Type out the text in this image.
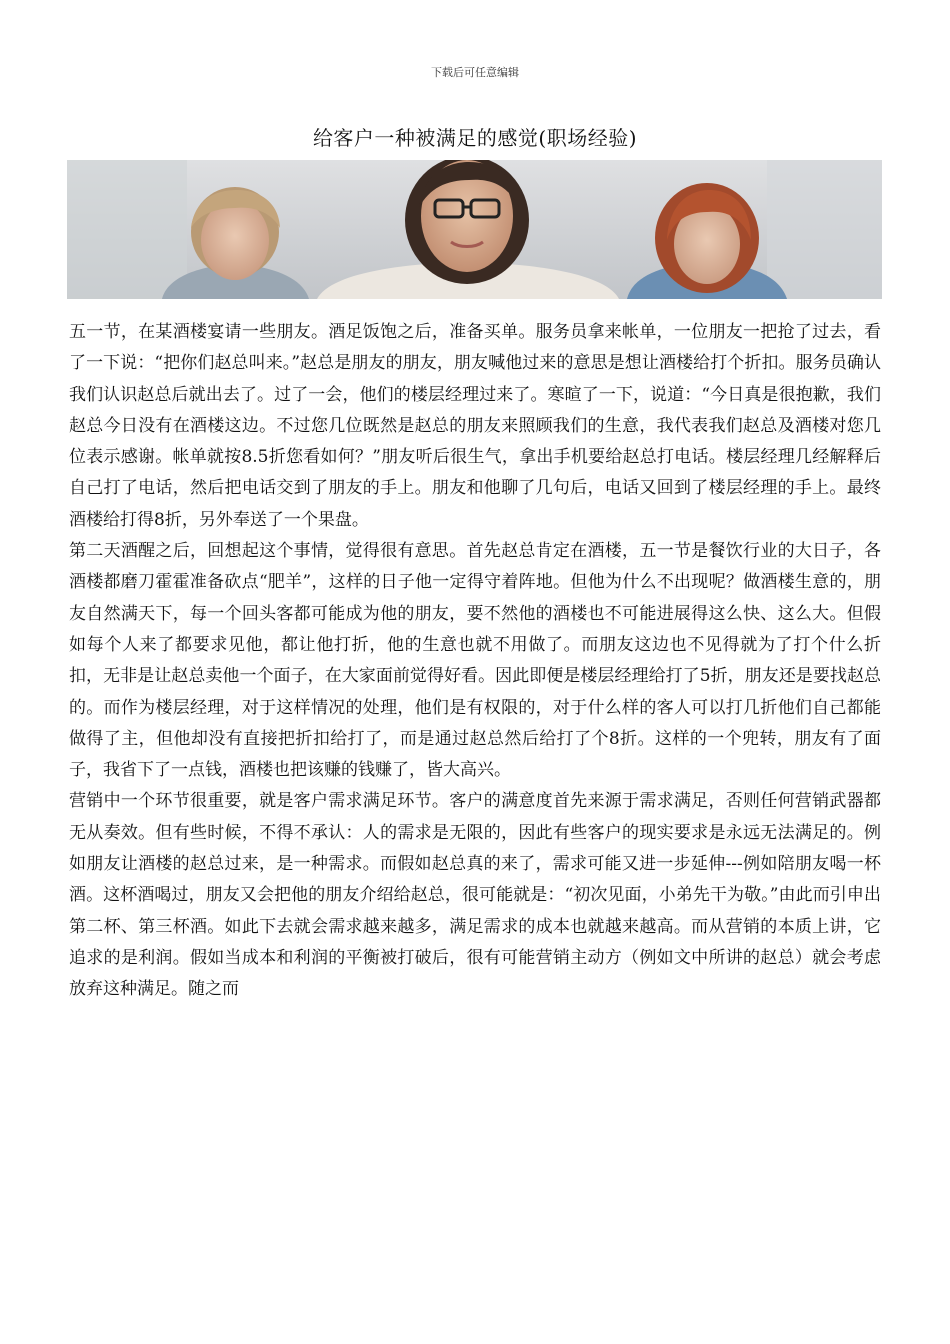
下载后可任意编辑
给客户一种被满足的感觉(职场经验)

五一节，在某酒楼宴请一些朋友。酒足饭饱之后，准备买单。服务员拿来帐单，一位朋友一把抢了过去，看了一下说：“把你们赵总叫来。”赵总是朋友的朋友，朋友喊他过来的意思是想让酒楼给打个折扣。服务员确认我们认识赵总后就出去了。过了一会，他们的楼层经理过来了。寒暄了一下，说道：“今日真是很抱歉，我们赵总今日没有在酒楼这边。不过您几位既然是赵总的朋友来照顾我们的生意，我代表我们赵总及酒楼对您几位表示感谢。帐单就按8.5折您看如何？”朋友听后很生气，拿出手机要给赵总打电话。楼层经理几经解释后自己打了电话，然后把电话交到了朋友的手上。朋友和他聊了几句后，电话又回到了楼层经理的手上。最终酒楼给打得8折，另外奉送了一个果盘。

第二天酒醒之后，回想起这个事情，觉得很有意思。首先赵总肯定在酒楼，五一节是餐饮行业的大日子，各酒楼都磨刀霍霍准备砍点“肥羊”，这样的日子他一定得守着阵地。但他为什么不出现呢？做酒楼生意的，朋友自然满天下，每一个回头客都可能成为他的朋友，要不然他的酒楼也不可能进展得这么快、这么大。但假如每个人来了都要求见他，都让他打折，他的生意也就不用做了。而朋友这边也不见得就为了打个什么折扣，无非是让赵总卖他一个面子，在大家面前觉得好看。因此即便是楼层经理给打了5折，朋友还是要找赵总的。而作为楼层经理，对于这样情况的处理，他们是有权限的，对于什么样的客人可以打几折他们自己都能做得了主，但他却没有直接把折扣给打了，而是通过赵总然后给打了个8折。这样的一个兜转，朋友有了面子，我省下了一点钱，酒楼也把该赚的钱赚了，皆大高兴。

营销中一个环节很重要，就是客户需求满足环节。客户的满意度首先来源于需求满足，否则任何营销武器都无从奏效。但有些时候，不得不承认：人的需求是无限的，因此有些客户的现实要求是永远无法满足的。例如朋友让酒楼的赵总过来，是一种需求。而假如赵总真的来了，需求可能又进一步延伸---例如陪朋友喝一杯酒。这杯酒喝过，朋友又会把他的朋友介绍给赵总，很可能就是：“初次见面，小弟先干为敬。”由此而引申出第二杯、第三杯酒。如此下去就会需求越来越多，满足需求的成本也就越来越高。而从营销的本质上讲，它追求的是利润。假如当成本和利润的平衡被打破后，很有可能营销主动方（例如文中所讲的赵总）就会考虑放弃这种满足。随之而
